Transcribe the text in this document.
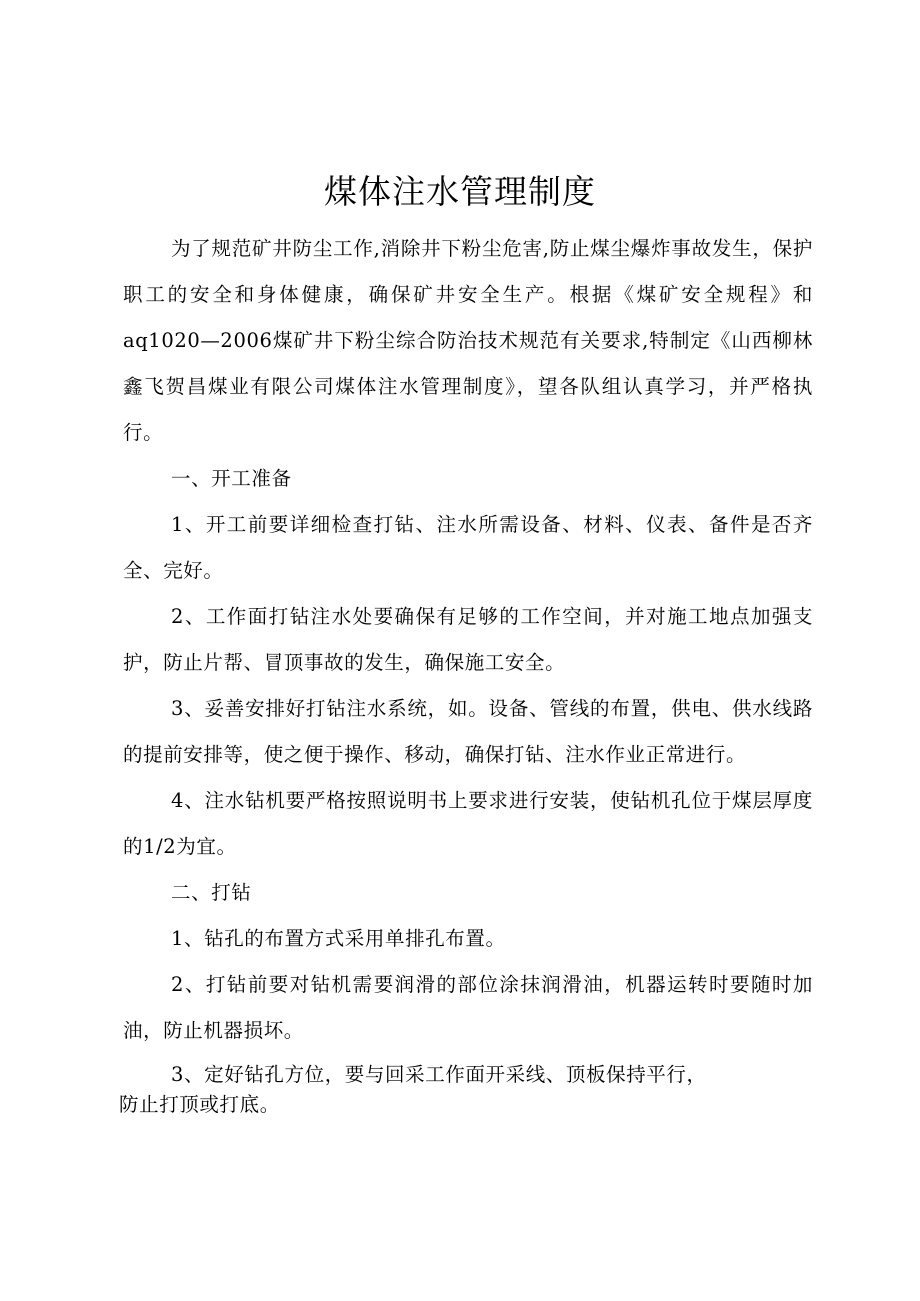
煤体注水管理制度

为了规范矿井防尘工作,消除井下粉尘危害,防止煤尘爆炸事故发生，保护职工的安全和身体健康，确保矿井安全生产。根据《煤矿安全规程》和aq1020—2006煤矿井下粉尘综合防治技术规范有关要求,特制定《山西柳林鑫飞贺昌煤业有限公司煤体注水管理制度》，望各队组认真学习，并严格执行。

一、开工准备

1、开工前要详细检查打钻、注水所需设备、材料、仪表、备件是否齐全、完好。

2、工作面打钻注水处要确保有足够的工作空间，并对施工地点加强支护，防止片帮、冒顶事故的发生，确保施工安全。

3、妥善安排好打钻注水系统，如。设备、管线的布置，供电、供水线路的提前安排等，使之便于操作、移动，确保打钻、注水作业正常进行。

4、注水钻机要严格按照说明书上要求进行安装，使钻机孔位于煤层厚度的1/2为宜。

二、打钻

1、钻孔的布置方式采用单排孔布置。

2、打钻前要对钻机需要润滑的部位涂抹润滑油，机器运转时要随时加油，防止机器损坏。

3、定好钻孔方位，要与回采工作面开采线、顶板保持平行，

防止打顶或打底。
